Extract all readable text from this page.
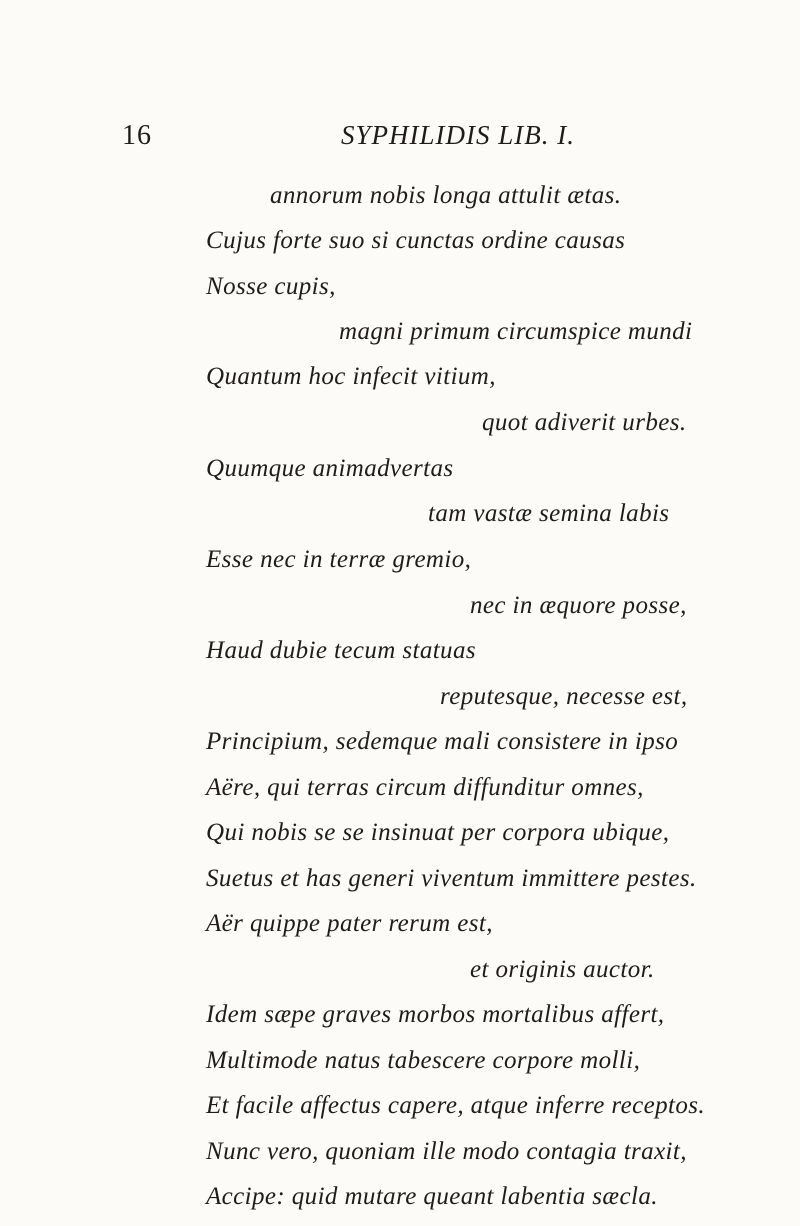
16	SYPHILIDIS LIB. I.
annorum nobis longa attulit ætas.
Cujus forte suo si cunctas ordine causas
Nosse cupis,
magni primum circumspice mundi
Quantum hoc infecit vitium,
quot adiverit urbes.
Quumque animadvertas
tam vastæ semina labis
Esse nec in terræ gremio,
nec in æquore posse,
Haud dubie tecum statuas
reputesque, necesse est,
Principium, sedemque mali consistere in ipso
Aëre, qui terras circum diffunditur omnes,
Qui nobis se se insinuat per corpora ubique,
Suetus et has generi viventum immittere pestes.
Aër quippe pater rerum est,
et originis auctor.
Idem sæpe graves morbos mortalibus affert,
Multimode natus tabescere corpore molli,
Et facile affectus capere, atque inferre receptos.
Nunc vero, quoniam ille modo contagia traxit,
Accipe: quid mutare queant labentia sæcla.
